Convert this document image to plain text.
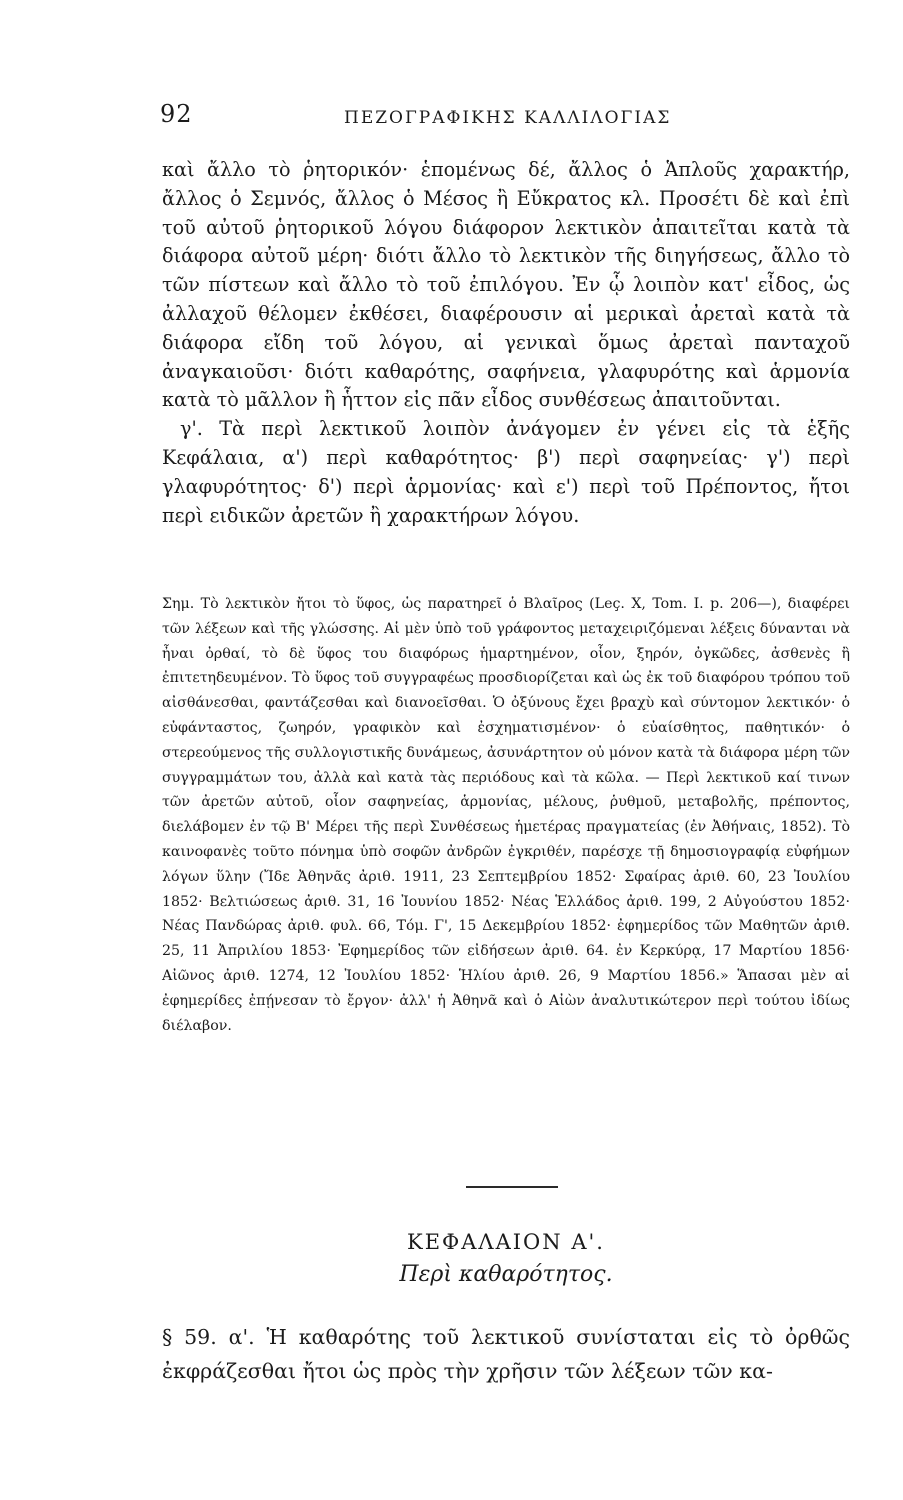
92	ΠΕΖΟΓΡΑΦΙΚΗΣ ΚΑΛΛΙΛΟΓΙΑΣ

καὶ ἄλλο τὸ ῥητορικόν· ἑπομένως δέ, ἄλλος ὁ Ἁπλοῦς χαρακτήρ, ἄλλος ὁ Σεμνός, ἄλλος ὁ Μέσος ἢ Εὔκρατος κλ. Προσέτι δὲ καὶ ἐπὶ τοῦ αὐτοῦ ῥητορικοῦ λόγου διάφορον λεκτικὸν ἀπαιτεῖται κατὰ τὰ διάφορα αὐτοῦ μέρη· διότι ἄλλο τὸ λεκτικὸν τῆς διηγήσεως, ἄλλο τὸ τῶν πίστεων καὶ ἄλλο τὸ τοῦ ἐπιλόγου. Ἐν ᾧ λοιπὸν κατ' εἶδος, ὡς ἀλλαχοῦ θέλομεν ἐκθέσει, διαφέρουσιν αἱ μερικαὶ ἀρεταὶ κατὰ τὰ διάφορα εἴδη τοῦ λόγου, αἱ γενικαὶ ὅμως ἀρεταὶ πανταχοῦ ἀναγκαιοῦσι· διότι καθαρότης, σαφήνεια, γλαφυρότης καὶ ἁρμονία κατὰ τὸ μᾶλλον ἢ ἧττον εἰς πᾶν εἶδος συνθέσεως ἀπαιτοῦνται.

γ'. Τὰ περὶ λεκτικοῦ λοιπὸν ἀνάγομεν ἐν γένει εἰς τὰ ἑξῆς Κεφάλαια, α') περὶ καθαρότητος· β') περὶ σαφηνείας· γ') περὶ γλαφυρότητος· δ') περὶ ἁρμονίας· καὶ ε') περὶ τοῦ Πρέποντος, ἤτοι περὶ ειδικῶν ἀρετῶν ἢ χαρακτήρων λόγου.

Σημ. Τὸ λεκτικὸν ἤτοι τὸ ὕφος, ὡς παρατηρεῖ ὁ Βλαῖρος (Leç. X, Tom. I. p. 206—), διαφέρει τῶν λέξεων καὶ τῆς γλώσσης. Αἱ μὲν ὑπὸ τοῦ γράφοντος μεταχειριζόμεναι λέξεις δύνανται νὰ ἦναι ὀρθαί, τὸ δὲ ὕφος του διαφόρως ἡμαρτημένον, οἷον, ξηρόν, ὀγκῶδες, ἀσθενὲς ἢ ἐπιτετηδευμένον. Τὸ ὕφος τοῦ συγγραφέως προσδιορίζεται καὶ ὡς ἐκ τοῦ διαφόρου τρόπου τοῦ αἰσθάνεσθαι, φαντάζεσθαι καὶ διανοεῖσθαι. Ὁ ὀξύνους ἔχει βραχὺ καὶ σύντομον λεκτικόν· ὁ εὐφάνταστος, ζωηρόν, γραφικὸν καὶ ἐσχηματισμένον· ὁ εὐαίσθητος, παθητικόν· ὁ στερεούμενος τῆς συλλογιστικῆς δυνάμεως, ἀσυνάρτητον οὐ μόνον κατὰ τὰ διάφορα μέρη τῶν συγγραμμάτων του, ἀλλὰ καὶ κατὰ τὰς περιόδους καὶ τὰ κῶλα. — Περὶ λεκτικοῦ καί τινων τῶν ἀρετῶν αὐτοῦ, οἷον σαφηνείας, ἁρμονίας, μέλους, ῥυθμοῦ, μεταβολῆς, πρέποντος, διελάβομεν ἐν τῷ Β' Μέρει τῆς περὶ Συνθέσεως ἡμετέρας πραγματείας (ἐν Ἀθήναις, 1852). Τὸ καινοφανὲς τοῦτο πόνημα ὑπὸ σοφῶν ἀνδρῶν ἐγκριθέν, παρέσχε τῇ δημοσιογραφίᾳ εὐφήμων λόγων ὕλην (Ἴδε Ἀθηνᾶς ἀριθ. 1911, 23 Σεπτεμβρίου 1852· Σφαίρας ἀριθ. 60, 23 Ἰουλίου 1852· Βελτιώσεως ἀριθ. 31, 16 Ἰουνίου 1852· Νέας Ἑλλάδος ἀριθ. 199, 2 Αὐγούστου 1852· Νέας Πανδώρας ἀριθ. φυλ. 66, Τόμ. Γ', 15 Δεκεμβρίου 1852· ἐφημερίδος τῶν Μαθητῶν ἀριθ. 25, 11 Ἀπριλίου 1853· Ἐφημερίδος τῶν εἰδήσεων ἀριθ. 64. ἐν Κερκύρᾳ, 17 Μαρτίου 1856· Αἰῶνος ἀριθ. 1274, 12 Ἰουλίου 1852· Ἡλίου ἀριθ. 26, 9 Μαρτίου 1856.» Ἅπασαι μὲν αἱ ἐφημερίδες ἐπῄνεσαν τὸ ἔργον· ἀλλ' ἡ Ἀθηνᾶ καὶ ὁ Αἰὼν ἀναλυτικώτερον περὶ τούτου ἰδίως διέλαβον.

ΚΕΦΑΛΑΙΟΝ Α'.
Περὶ καθαρότητος.

§ 59. α'. Ἡ καθαρότης τοῦ λεκτικοῦ συνίσταται εἰς τὸ ὀρθῶς ἐκφράζεσθαι ἤτοι ὡς πρὸς τὴν χρῆσιν τῶν λέξεων τῶν κα-
